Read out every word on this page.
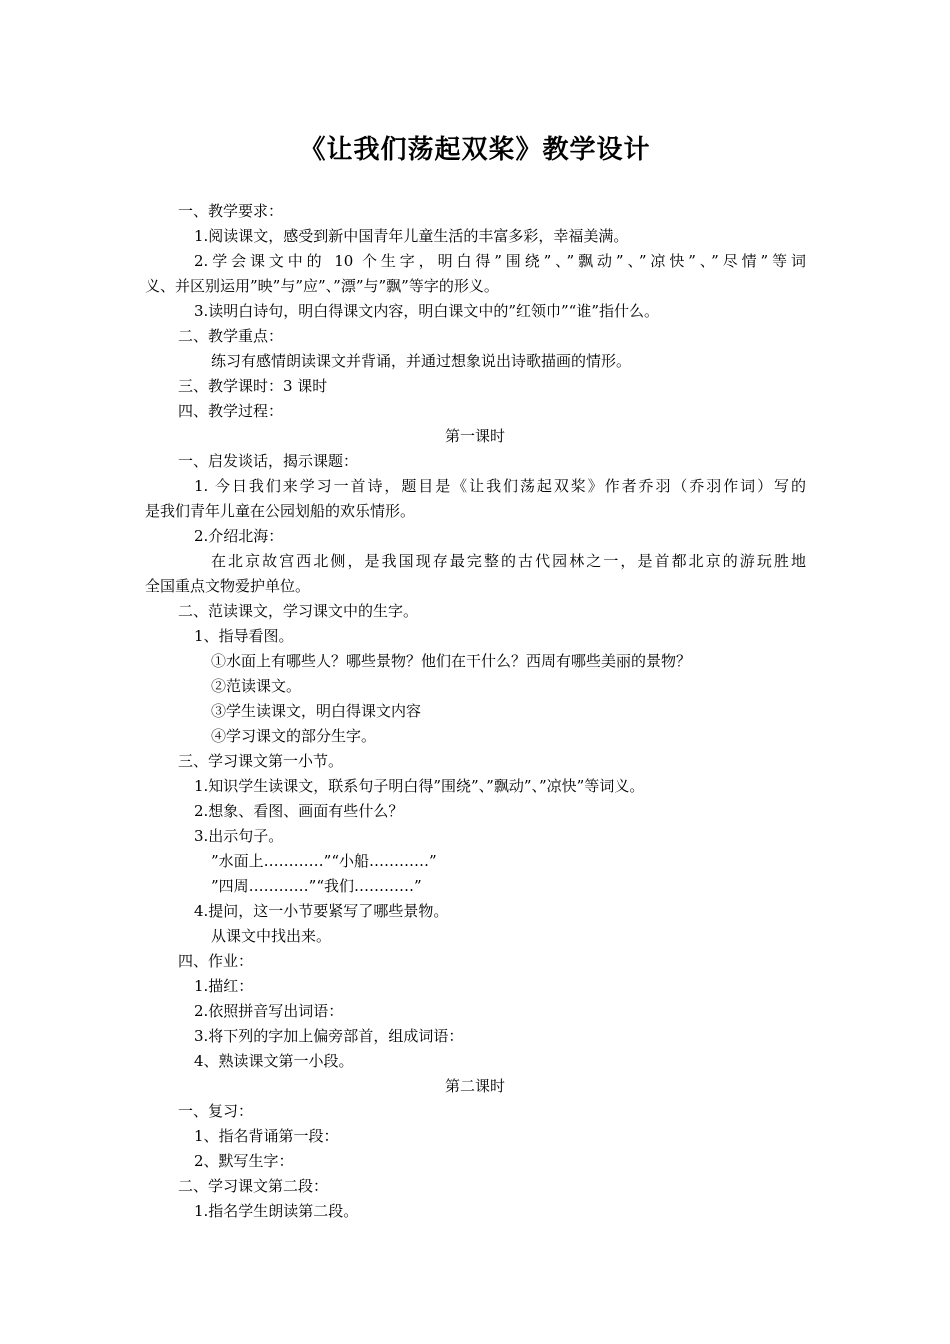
《让我们荡起双桨》教学设计
一、教学要求：
1.阅读课文，感受到新中国青年儿童生活的丰富多彩，幸福美满。
2.学会课文中的 10 个生字，明白得”围绕”、”飘动”、”凉快”、”尽情”等词
义、并区别运用”映”与”应”、”漂”与”飘”等字的形义。
3.读明白诗句，明白得课文内容，明白课文中的”红领巾”“谁”指什么。
二、教学重点：
练习有感情朗读课文并背诵，并通过想象说出诗歌描画的情形。
三、教学课时：3 课时
四、教学过程：
第一课时
一、启发谈话，揭示课题：
1. 今日我们来学习一首诗，题目是《让我们荡起双桨》作者乔羽（乔羽作词）写的
是我们青年儿童在公园划船的欢乐情形。
2.介绍北海：
在北京故宫西北侧，是我国现存最完整的古代园林之一，是首都北京的游玩胜地
全国重点文物爱护单位。
二、范读课文，学习课文中的生字。
1、指导看图。
①水面上有哪些人？哪些景物？他们在干什么？西周有哪些美丽的景物？
②范读课文。
③学生读课文，明白得课文内容
④学习课文的部分生字。
三、学习课文第一小节。
1.知识学生读课文，联系句子明白得”围绕”、”飘动”、”凉快”等词义。
2.想象、看图、画面有些什么？
3.出示句子。
”水面上…………”“小船…………”
”四周…………”“我们…………”
4.提问，这一小节要紧写了哪些景物。
从课文中找出来。
四、作业：
1.描红：
2.依照拼音写出词语：
3.将下列的字加上偏旁部首，组成词语：
4、熟读课文第一小段。
第二课时
一、复习：
1、指名背诵第一段：
2、默写生字：
二、学习课文第二段：
1.指名学生朗读第二段。
